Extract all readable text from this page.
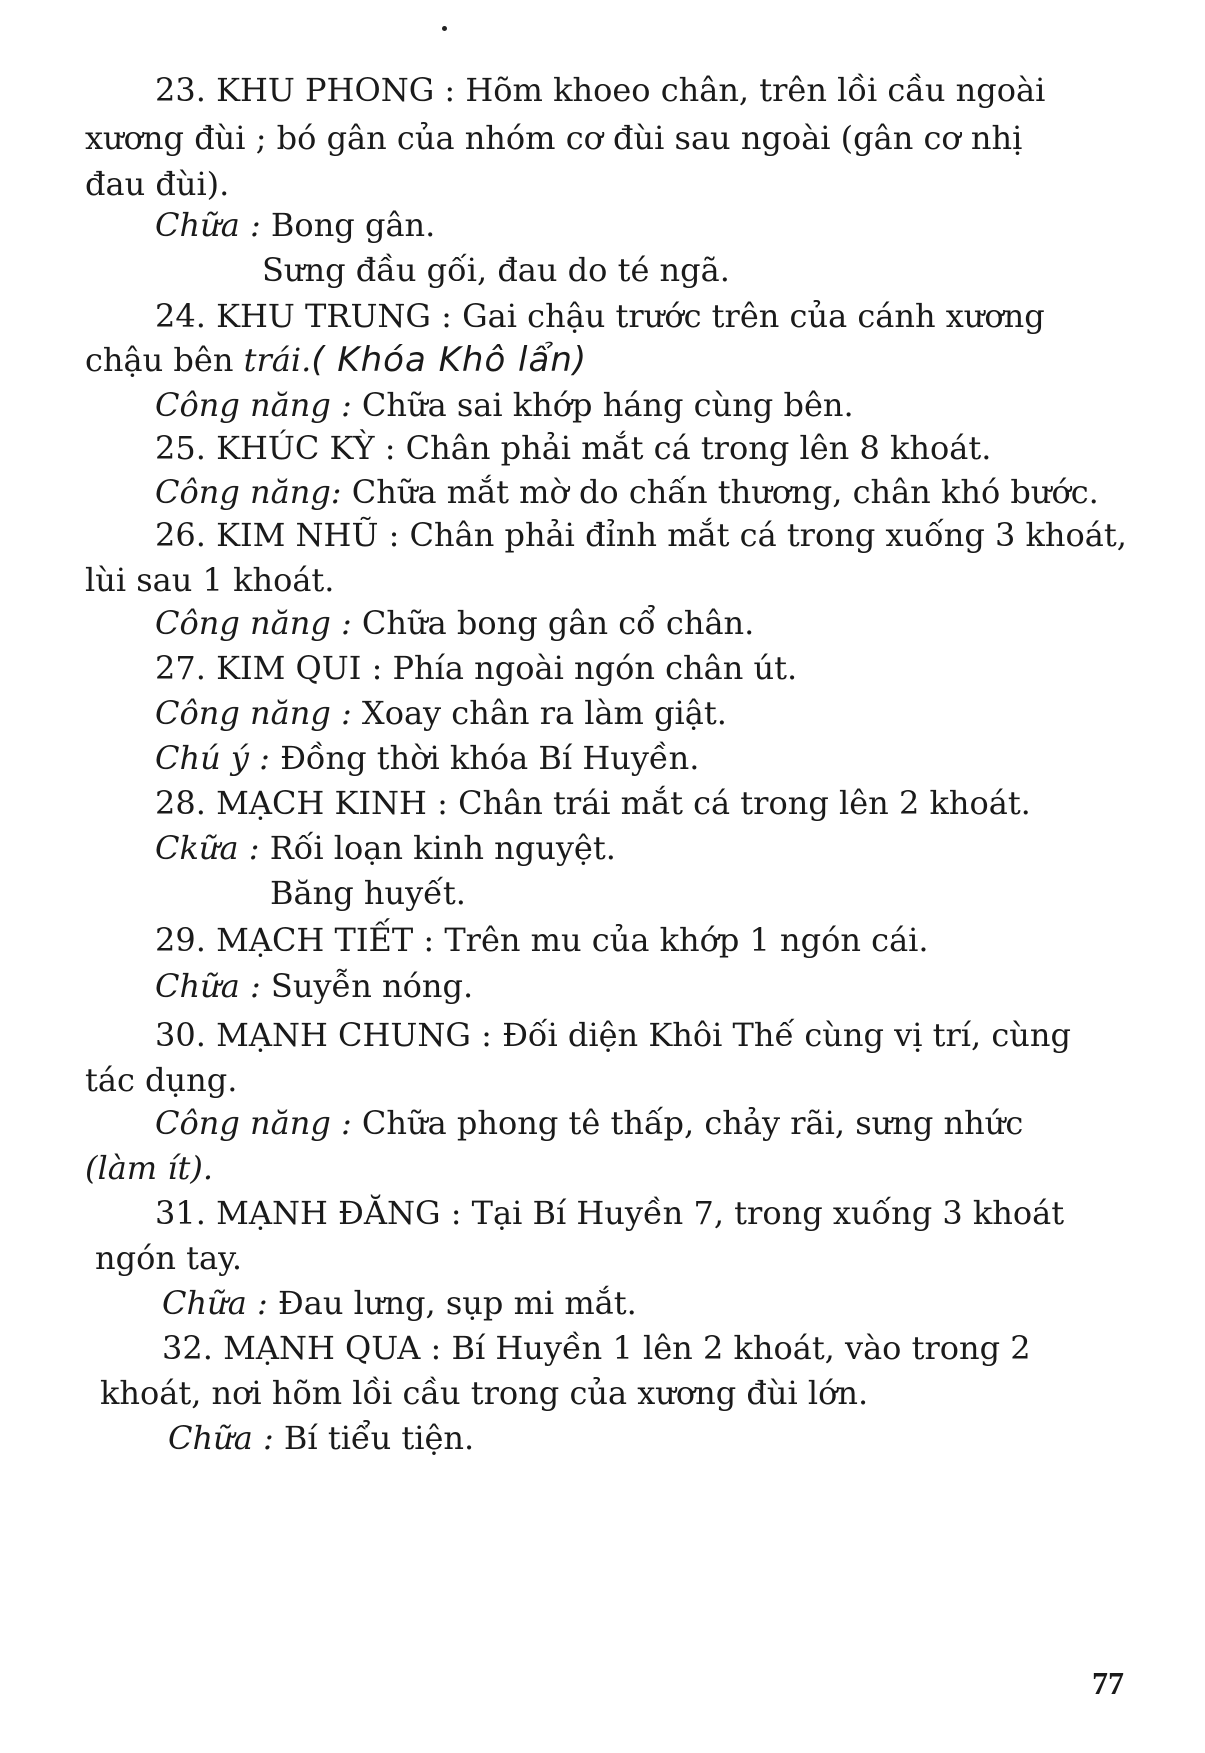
23. KHU PHONG : Hõm khoeo chân, trên lồi cầu ngoài
xương đùi ; bó gân của nhóm cơ đùi sau ngoài (gân cơ nhị
đau đùi).
Chữa : Bong gân.
Sưng đầu gối, đau do té ngã.
24. KHU TRUNG : Gai chậu trước trên của cánh xương
chậu bên trái.( Khóa Khô lẩn)
Công năng : Chữa sai khớp háng cùng bên.
25. KHÚC KỲ : Chân phải mắt cá trong lên 8 khoát.
Công năng: Chữa mắt mờ do chấn thương, chân khó bước.
26. KIM NHŨ : Chân phải đỉnh mắt cá trong xuống 3 khoát,
lùi sau 1 khoát.
Công năng : Chữa bong gân cổ chân.
27. KIM QUI : Phía ngoài ngón chân út.
Công năng : Xoay chân ra làm giật.
Chú ý : Đồng thời khóa Bí Huyền.
28. MẠCH KINH : Chân trái mắt cá trong lên 2 khoát.
Ckữa : Rối loạn kinh nguyệt.
Băng huyết.
29. MẠCH TIẾT : Trên mu của khớp 1 ngón cái.
Chữa : Suyễn nóng.
30. MẠNH CHUNG : Đối diện Khôi Thế cùng vị trí, cùng
tác dụng.
Công năng : Chữa phong tê thấp, chảy rãi, sưng nhức
(làm ít).
31. MẠNH ĐĂNG : Tại Bí Huyền 7, trong xuống 3 khoát
ngón tay.
Chữa : Đau lưng, sụp mi mắt.
32. MẠNH QUA : Bí Huyền 1 lên 2 khoát, vào trong 2
khoát, nơi hõm lồi cầu trong của xương đùi lớn.
Chữa : Bí tiểu tiện.
77
